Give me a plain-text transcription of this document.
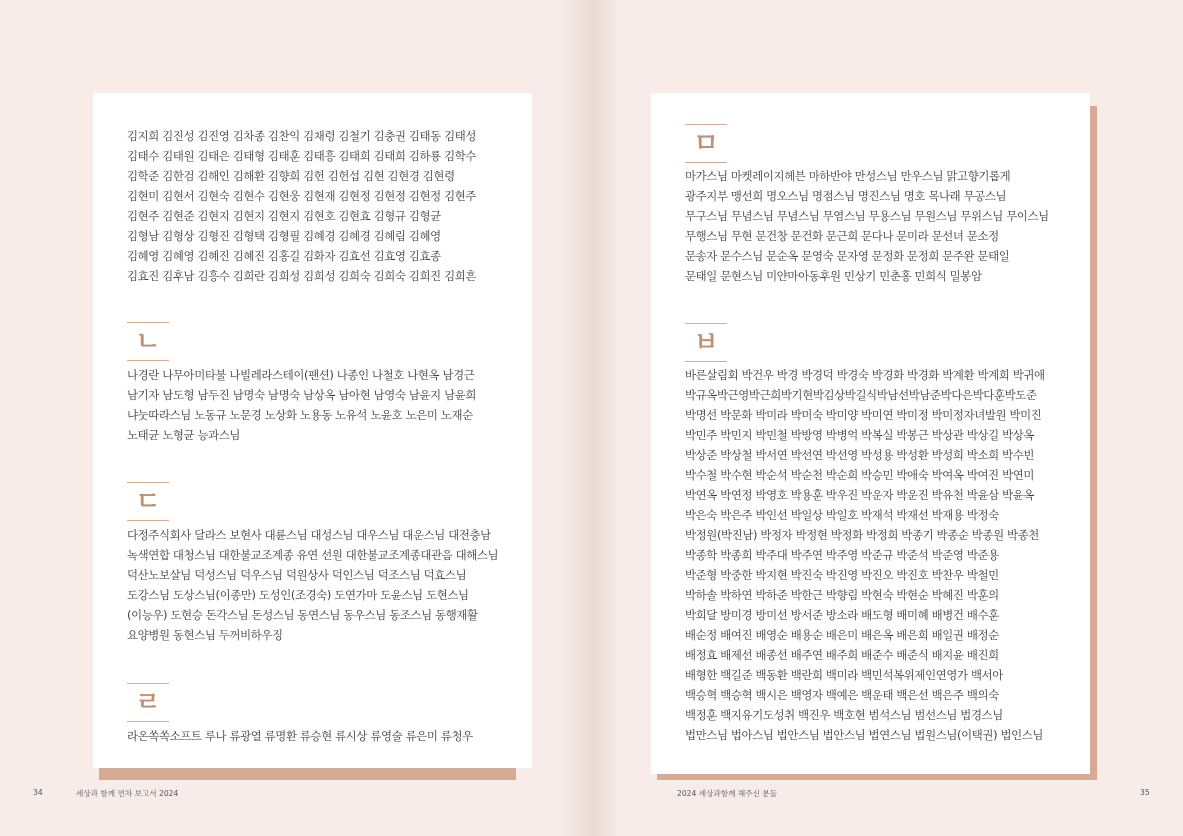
김지희 김진성 김진영 김차종 김찬익 김채령 김철기 김충권 김태동 김태성
김태수 김태원 김태은 김태형 김태훈 김태흥 김태희 김태희 김하룡 김학수
김학준 김한검 김해인 김해환 김향희 김헌 김헌섭 김현 김현경 김현령
김현미 김현서 김현숙 김현수 김현웅 김현재 김현정 김현정 김현정 김현주
김현주 김현준 김현지 김현지 김현지 김현호 김현효 김형규 김형균
김형남 김형상 김형진 김형택 김형필 김혜경 김혜경 김혜림 김혜영
김혜영 김혜영 김혜진 김혜진 김홍길 김화자 김효선 김효영 김효종
김효진 김후남 김흥수 김희란 김희성 김희성 김희숙 김희숙 김희진 김희흔
ㄴ
나경란 나무아미타불 나빌레라스테이(팬션) 나종인 나철호 나현옥 남경근
남기자 남도형 남두진 남명숙 남명숙 남상옥 남아현 남영숙 남윤지 남윤희
냐눗따라스님 노동규 노문경 노상화 노용동 노유석 노윤호 노은미 노재순
노태균 노형균 능과스님
ㄷ
다정주식회사 달라스 보현사 대륜스님 대성스님 대우스님 대운스님 대전충남
녹색연합 대청스님 대한불교조계종 유연 선원 대한불교조계종대관음 대해스님
덕산노보살님 덕성스님 덕우스님 덕원상사 덕인스님 덕조스님 덕효스님
도강스님 도상스님(이종만) 도성인(조경숙) 도연가마 도윤스님 도현스님
(이능우) 도현승 돈각스님 돈성스님 동연스님 동우스님 동조스님 동행재활
요양병원 동현스님 두꺼비하우징
ㄹ
라온쏙쏙소프트 루나 류광열 류명환 류승현 류시상 류영술 류은미 류청우
ㅁ
마가스님 마켓레이지헤븐 마하반야 만성스님 만우스님 맑고향기롭게
광주지부 맹선희 명오스님 명점스님 명진스님 명호 목나래 무공스님
무구스님 무념스님 무념스님 무염스님 무용스님 무원스님 무위스님 무이스님
무행스님 무현 문건창 문건화 문근희 문다나 문미라 문선녀 문소정
문송자 문수스님 문순옥 문영숙 문자영 문정화 문정희 문주완 문태일
문태일 문현스님 미얀마아동후원 민상기 민춘홍 민희식 밀봉암
ㅂ
바른살림회 박건우 박경 박경덕 박경숙 박경화 박경화 박계환 박계희 박귀애
박규옥박근영박근희박기현박김상박길식박남선박남준박다은박다훈박도준
박명선 박문화 박미라 박미숙 박미양 박미연 박미정 박미정자녀발원 박미진
박민주 박민지 박민철 박방영 박병억 박복실 박봉근 박상관 박상길 박상옥
박상준 박상철 박서연 박선연 박선영 박성용 박성환 박성희 박소희 박수빈
박수철 박수현 박순석 박순천 박순희 박승민 박애숙 박여옥 박여진 박연미
박연옥 박연정 박영호 박용훈 박우진 박운자 박운진 박유천 박윤삼 박윤옥
박은숙 박은주 박인선 박일상 박일호 박재석 박재선 박재용 박정숙
박정원(박진남) 박정자 박정현 박정화 박정희 박종기 박종순 박종원 박종천
박종학 박종희 박주대 박주연 박주영 박준규 박준석 박준영 박준용
박준형 박중한 박지현 박진숙 박진영 박진오 박진호 박찬우 박철민
박하솔 박하연 박하준 박한근 박향림 박현숙 박현순 박혜진 박훈의
박희달 방미경 방미선 방서준 방소라 배도형 배미혜 배병건 배수훈
배순정 배여진 배영순 배용순 배은미 배은옥 배은희 배일권 배정순
배정효 배제선 배종선 배주연 배주희 배준수 배준식 배지윤 배진희
배형한 백길준 백동환 백란희 백미라 백민석복위제인연영가 백서아
백승혁 백승혁 백시은 백영자 백예은 백운태 백은선 백은주 백의숙
백정훈 백지유기도성취 백진우 백호현 범석스님 범선스님 법경스님
법만스님 법아스님 법안스님 법안스님 법연스님 법원스님(이택권) 법인스님
34	세상과 함께 연차 보고서 2024	2024 세상과함께 해주신 분들	35
